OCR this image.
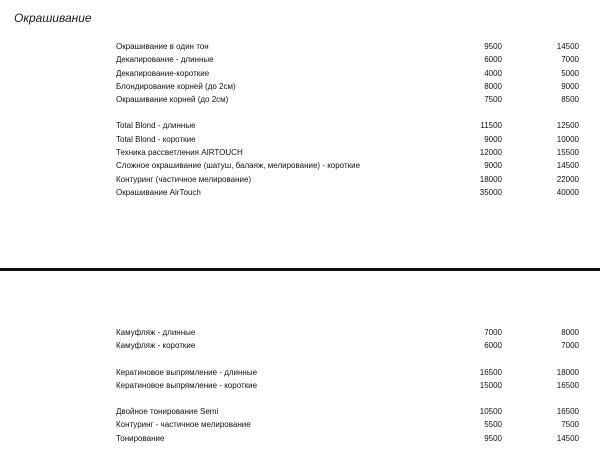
Окрашивание
Окрашивание в один тон	9500	14500
Декапирование - длинные	6000	7000
Декапирование-короткие	4000	5000
Блондирование корней (до 2см)	8000	9000
Окрашивание корней (до 2см)	7500	8500
Total Blond - длинные	11500	12500
Total Blond - короткие	9000	10000
Техника рассветления AIRTOUCH	12000	15500
Сложное окрашивание (шатуш, балаяж, мелирование) - короткие	9000	14500
Контуринг (частичное мелирование)	18000	22000
Окрашивание AirTouch	35000	40000
Камуфляж - длинные	7000	8000
Камуфляж - короткие	6000	7000
Кератиновое выпрямление - длинные	16500	18000
Кератиновое выпрямление - короткие	15000	16500
Двойное тонирование Semi	10500	16500
Контуринг - частичное мелирование	5500	7500
Тонирование	9500	14500
